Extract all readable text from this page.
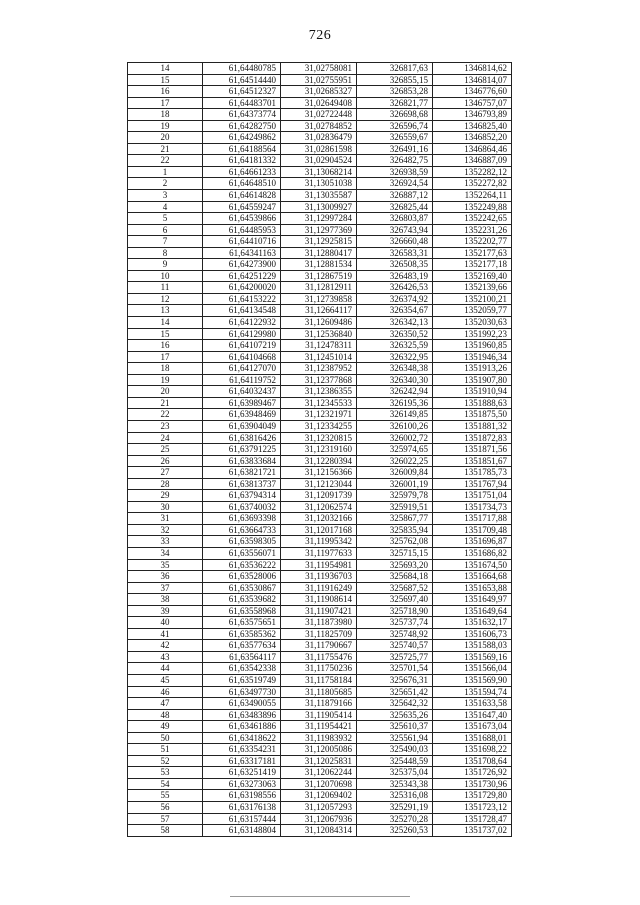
726
14	61,64480785	31,02758081	326817,63	1346814,62
15	61,64514440	31,02755951	326855,15	1346814,07
16	61,64512327	31,02685327	326853,28	1346776,60
17	61,64483701	31,02649408	326821,77	1346757,07
18	61,64373774	31,02722448	326698,68	1346793,89
19	61,64282750	31,02784852	326596,74	1346825,40
20	61,64249862	31,02836479	326559,67	1346852,20
21	61,64188564	31,02861598	326491,16	1346864,46
22	61,64181332	31,02904524	326482,75	1346887,09
1	61,64661233	31,13068214	326938,59	1352282,12
2	61,64648510	31,13051038	326924,54	1352272,82
3	61,64614828	31,13035587	326887,12	1352264,11
4	61,64559247	31,13009927	326825,44	1352249,88
5	61,64539866	31,12997284	326803,87	1352242,65
6	61,64485953	31,12977369	326743,94	1352231,26
7	61,64410716	31,12925815	326660,48	1352202,77
8	61,64341163	31,12880417	326583,31	1352177,63
9	61,64273900	31,12881534	326508,35	1352177,18
10	61,64251229	31,12867519	326483,19	1352169,40
11	61,64200020	31,12812911	326426,53	1352139,66
12	61,64153222	31,12739858	326374,92	1352100,21
13	61,64134548	31,12664117	326354,67	1352059,77
14	61,64122932	31,12609486	326342,13	1352030,63
15	61,64129980	31,12536840	326350,52	1351992,23
16	61,64107219	31,12478311	326325,59	1351960,85
17	61,64104668	31,12451014	326322,95	1351946,34
18	61,64127070	31,12387952	326348,38	1351913,26
19	61,64119752	31,12377868	326340,30	1351907,80
20	61,64032437	31,12386355	326242,94	1351910,94
21	61,63989467	31,12345533	326195,36	1351888,63
22	61,63948469	31,12321971	326149,85	1351875,50
23	61,63904049	31,12334255	326100,26	1351881,32
24	61,63816426	31,12320815	326002,72	1351872,83
25	61,63791225	31,12319160	325974,65	1351871,56
26	61,63833684	31,12280394	326022,25	1351851,67
27	61,63821721	31,12156366	326009,84	1351785,73
28	61,63813737	31,12123044	326001,19	1351767,94
29	61,63794314	31,12091739	325979,78	1351751,04
30	61,63740032	31,12062574	325919,51	1351734,73
31	61,63693398	31,12032166	325867,77	1351717,88
32	61,63664733	31,12017168	325835,94	1351709,48
33	61,63598305	31,11995342	325762,08	1351696,87
34	61,63556071	31,11977633	325715,15	1351686,82
35	61,63536222	31,11954981	325693,20	1351674,50
36	61,63528006	31,11936703	325684,18	1351664,68
37	61,63530867	31,11916249	325687,52	1351653,88
38	61,63539682	31,11908614	325697,40	1351649,97
39	61,63558968	31,11907421	325718,90	1351649,64
40	61,63575651	31,11873980	325737,74	1351632,17
41	61,63585362	31,11825709	325748,92	1351606,73
42	61,63577634	31,11790667	325740,57	1351588,03
43	61,63564117	31,11755476	325725,77	1351569,16
44	61,63542338	31,11750236	325701,54	1351566,04
45	61,63519749	31,11758184	325676,31	1351569,90
46	61,63497730	31,11805685	325651,42	1351594,74
47	61,63490055	31,11879166	325642,32	1351633,58
48	61,63483896	31,11905414	325635,26	1351647,40
49	61,63461886	31,11954421	325610,37	1351673,04
50	61,63418622	31,11983932	325561,94	1351688,01
51	61,63354231	31,12005086	325490,03	1351698,22
52	61,63317181	31,12025831	325448,59	1351708,64
53	61,63251419	31,12062244	325375,04	1351726,92
54	61,63273063	31,12070698	325343,38	1351730,96
55	61,63198556	31,12069402	325316,08	1351729,80
56	61,63176138	31,12057293	325291,19	1351723,12
57	61,63157444	31,12067936	325270,28	1351728,47
58	61,63148804	31,12084314	325260,53	1351737,02
